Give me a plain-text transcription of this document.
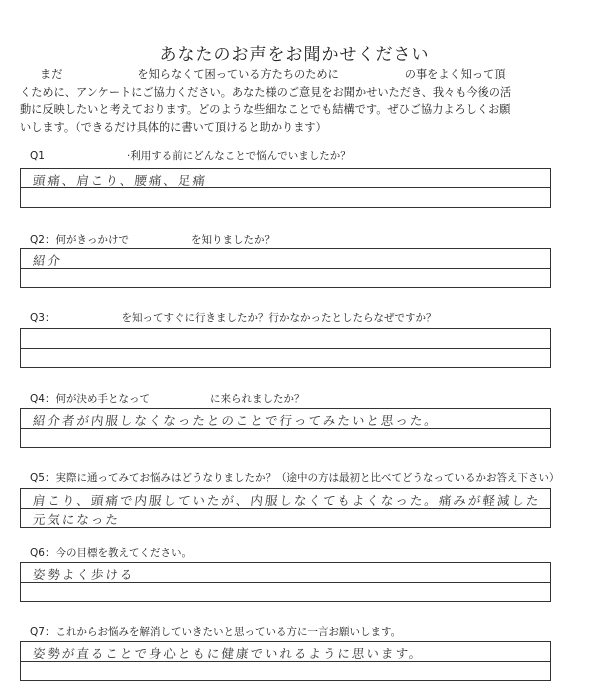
あなたのお声をお聞かせください
まだ	を知らなくて困っている方たちのために	の事をよく知って頂
くために、アンケートにご協力ください。あなた様のご意見をお聞かせいただき、我々も今後の活
動に反映したいと考えております。どのような些細なことでも結構です。ぜひご協力よろしくお願
いします。（できるだけ具体的に書いて頂けると助かります）
Q1	·利用する前にどんなことで悩んでいましたか？
頭痛、肩こり、腰痛、足痛
Q2：何がきっかけで	を知りましたか？
紹介
Q3：	を知ってすぐに行きましたか？行かなかったとしたらなぜですか？
Q4：何が決め手となって	に来られましたか？
紹介者が内服しなくなったとのことで行ってみたいと思った。
Q5：実際に通ってみてお悩みはどうなりましたか？（途中の方は最初と比べてどうなっているかお答え下さい）
肩こり、頭痛で内服していたが、内服しなくてもよくなった。痛みが軽減した
元気になった
Q6：今の目標を教えてください。
姿勢よく歩ける
Q7：これからお悩みを解消していきたいと思っている方に一言お願いします。
姿勢が直ることで身心ともに健康でいれるように思います。
